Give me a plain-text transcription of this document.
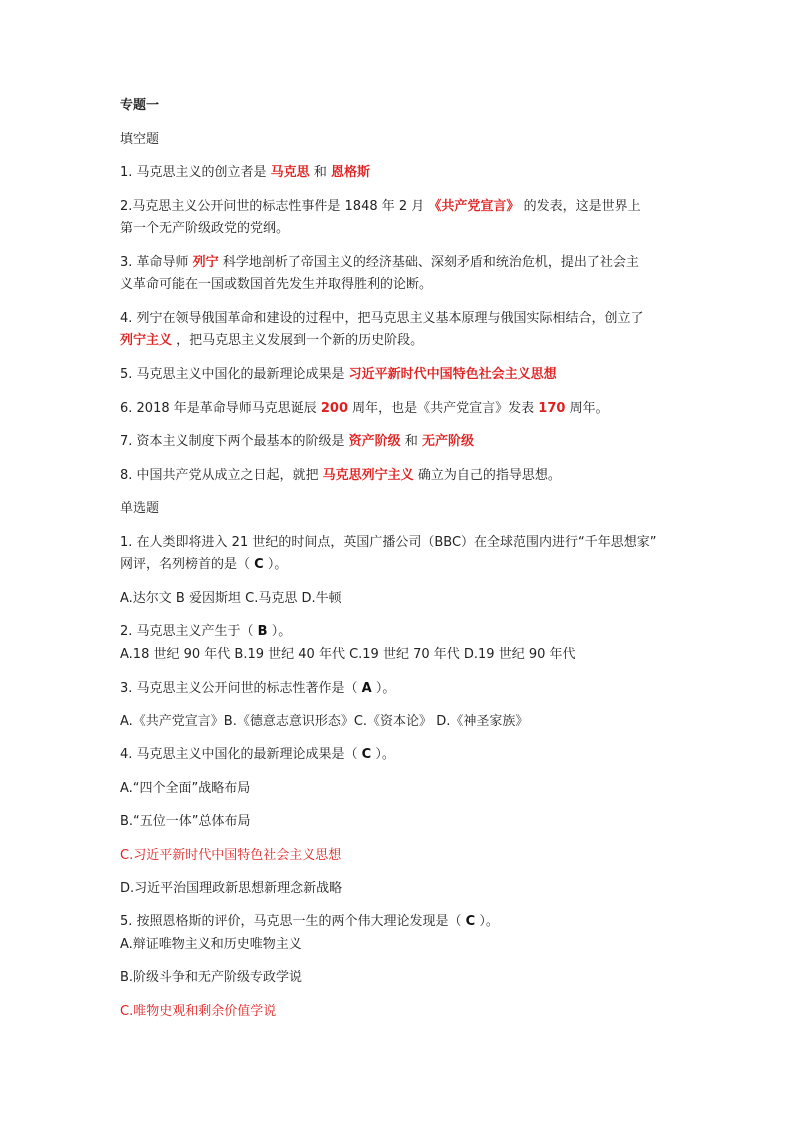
专题一
填空题
1. 马克思主义的创立者是 马克思 和 恩格斯
2.马克思主义公开问世的标志性事件是 1848 年 2 月 《共产党宣言》 的发表，这是世界上
第一个无产阶级政党的党纲。
3. 革命导师 列宁 科学地剖析了帝国主义的经济基础、深刻矛盾和统治危机，提出了社会主
义革命可能在一国或数国首先发生并取得胜利的论断。
4. 列宁在领导俄国革命和建设的过程中，把马克思主义基本原理与俄国实际相结合，创立了
列宁主义 ，把马克思主义发展到一个新的历史阶段。
5. 马克思主义中国化的最新理论成果是 习近平新时代中国特色社会主义思想
6. 2018 年是革命导师马克思诞辰 200 周年，也是《共产党宣言》发表 170 周年。
7. 资本主义制度下两个最基本的阶级是 资产阶级 和 无产阶级
8. 中国共产党从成立之日起，就把 马克思列宁主义 确立为自己的指导思想。
单选题
1. 在人类即将进入 21 世纪的时间点，英国广播公司（BBC）在全球范围内进行“千年思想家”
网评，名列榜首的是（ C ）。
A.达尔文 B 爱因斯坦 C.马克思 D.牛顿
2. 马克思主义产生于（ B ）。
A.18 世纪 90 年代 B.19 世纪 40 年代 C.19 世纪 70 年代 D.19 世纪 90 年代
3. 马克思主义公开问世的标志性著作是（ A ）。
A.《共产党宣言》B.《德意志意识形态》C.《资本论》 D.《神圣家族》
4. 马克思主义中国化的最新理论成果是（ C ）。
A.“四个全面”战略布局
B.“五位一体”总体布局
C.习近平新时代中国特色社会主义思想
D.习近平治国理政新思想新理念新战略
5. 按照恩格斯的评价，马克思一生的两个伟大理论发现是（ C ）。
A.辩证唯物主义和历史唯物主义
B.阶级斗争和无产阶级专政学说
C.唯物史观和剩余价值学说
